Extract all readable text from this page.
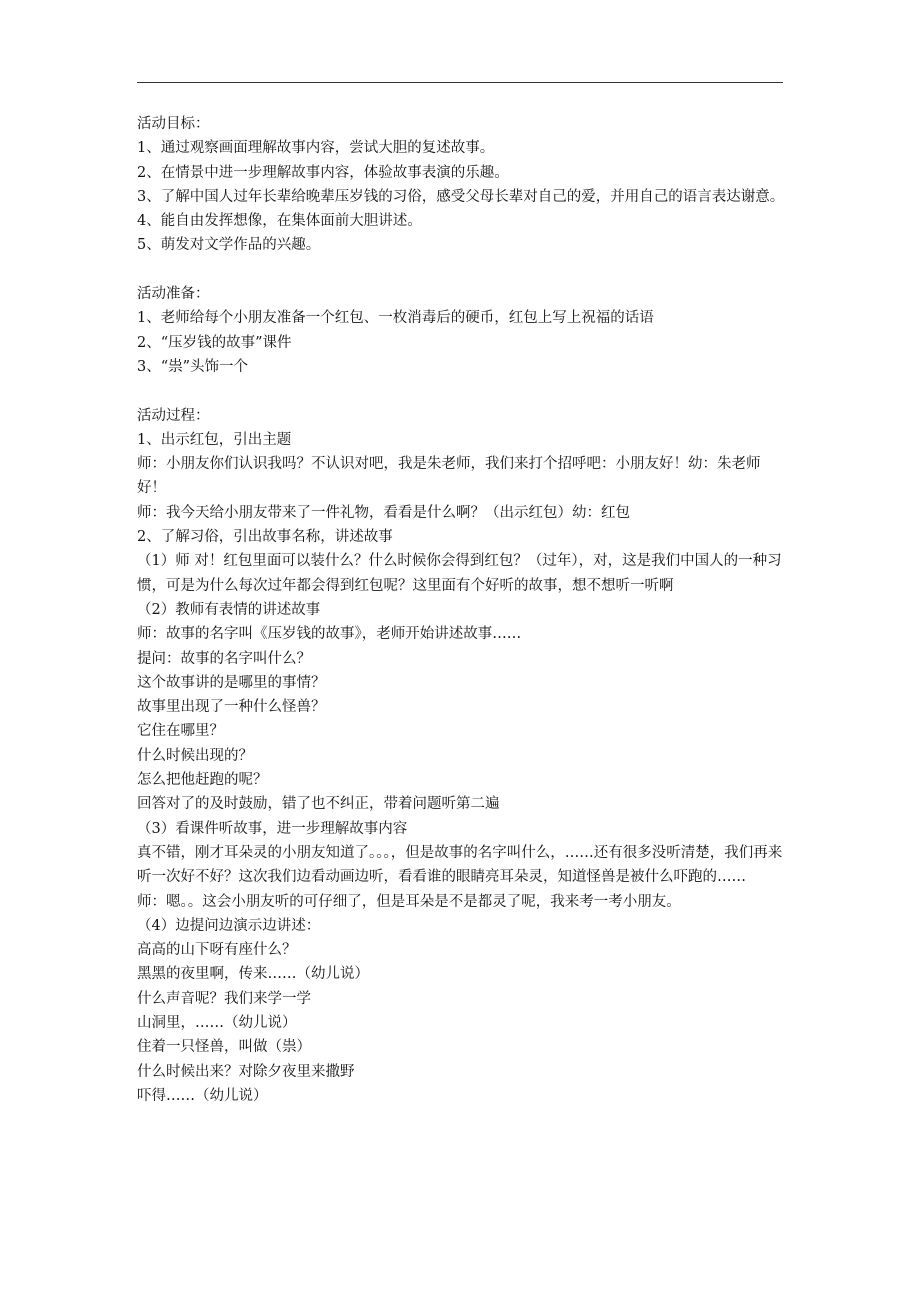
活动目标：

1、通过观察画面理解故事内容，尝试大胆的复述故事。

2、在情景中进一步理解故事内容，体验故事表演的乐趣。

3、了解中国人过年长辈给晚辈压岁钱的习俗，感受父母长辈对自己的爱，并用自己的语言表达谢意。

4、能自由发挥想像，在集体面前大胆讲述。

5、萌发对文学作品的兴趣。

活动准备：

1、老师给每个小朋友准备一个红包、一枚消毒后的硬币，红包上写上祝福的话语

2、“压岁钱的故事”课件

3、“祟”头饰一个

活动过程：

1、出示红包，引出主题

师：小朋友你们认识我吗？不认识对吧，我是朱老师，我们来打个招呼吧：小朋友好！幼：朱老师好！

师：我今天给小朋友带来了一件礼物，看看是什么啊？（出示红包）幼：红包

2、了解习俗，引出故事名称，讲述故事

（1）师 对！红包里面可以装什么？什么时候你会得到红包？（过年），对，这是我们中国人的一种习惯，可是为什么每次过年都会得到红包呢？这里面有个好听的故事，想不想听一听啊

（2）教师有表情的讲述故事

师：故事的名字叫《压岁钱的故事》，老师开始讲述故事……

提问：故事的名字叫什么？

这个故事讲的是哪里的事情？

故事里出现了一种什么怪兽？

它住在哪里？

什么时候出现的？

怎么把他赶跑的呢？

回答对了的及时鼓励，错了也不纠正，带着问题听第二遍

（3）看课件听故事，进一步理解故事内容

真不错，刚才耳朵灵的小朋友知道了。。。，但是故事的名字叫什么，……还有很多没听清楚，我们再来听一次好不好？这次我们边看动画边听，看看谁的眼睛亮耳朵灵，知道怪兽是被什么吓跑的……

师：嗯。。这会小朋友听的可仔细了，但是耳朵是不是都灵了呢，我来考一考小朋友。

（4）边提问边演示边讲述：

高高的山下呀有座什么？

黑黑的夜里啊，传来……（幼儿说）

什么声音呢？我们来学一学

山洞里，……（幼儿说）

住着一只怪兽，叫做（祟）

什么时候出来？对除夕夜里来撒野

吓得……（幼儿说）
